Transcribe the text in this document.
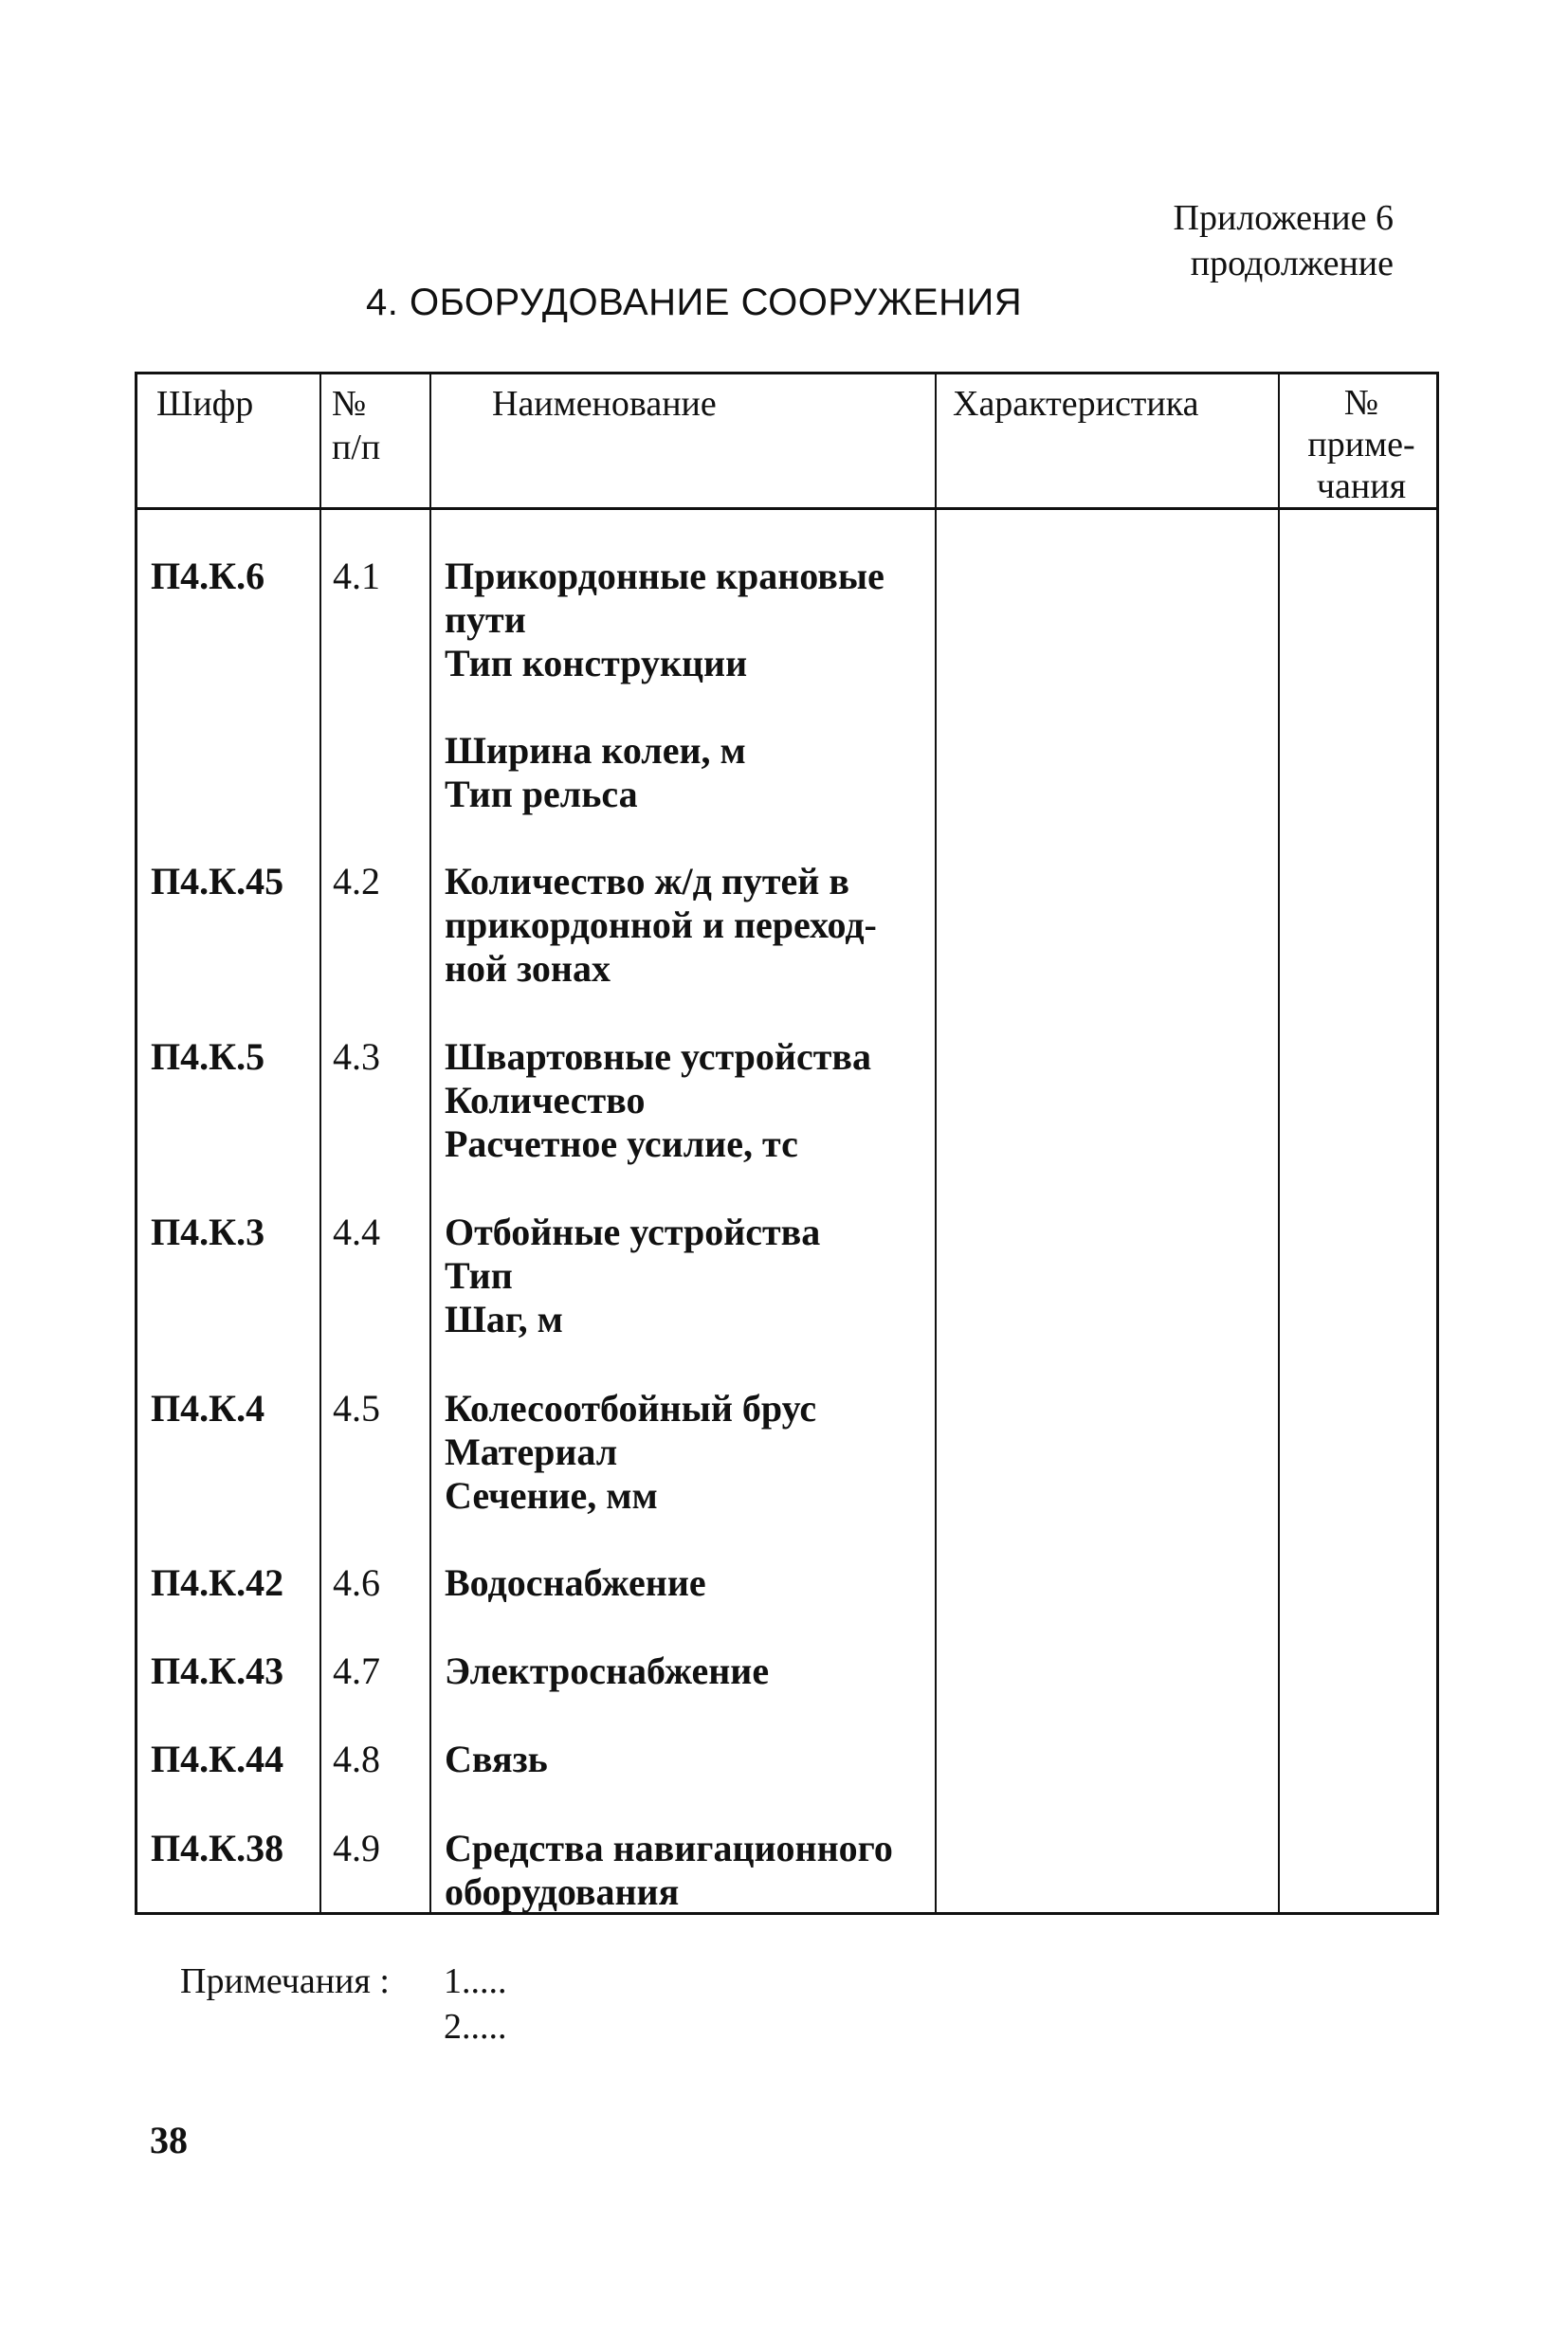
Приложение 6
продолжение
4. ОБОРУДОВАНИЕ СООРУЖЕНИЯ
Шифр №
п/п
Наименование	Характеристика	№
приме-
чания
П4.К.6 4.1 Прикордонные крановые
пути
Тип конструкции

Ширина колеи, м
Тип рельса
П4.К.45 4.2 Количество ж/д путей в
прикордонной и переход-
ной зонах
П4.К.5 4.3 Швартовные устройства
Количество
Расчетное усилие, тс
П4.К.3 4.4 Отбойные устройства
Тип
Шаг, м
П4.К.4 4.5 Колесоотбойный брус
Материал
Сечение, мм
П4.К.42 4.6 Водоснабжение
П4.К.43 4.7 Электроснабжение
П4.К.44 4.8 Связь
П4.К.38 4.9 Средства навигационного
оборудования
Примечания : 1.....
2.....
38
